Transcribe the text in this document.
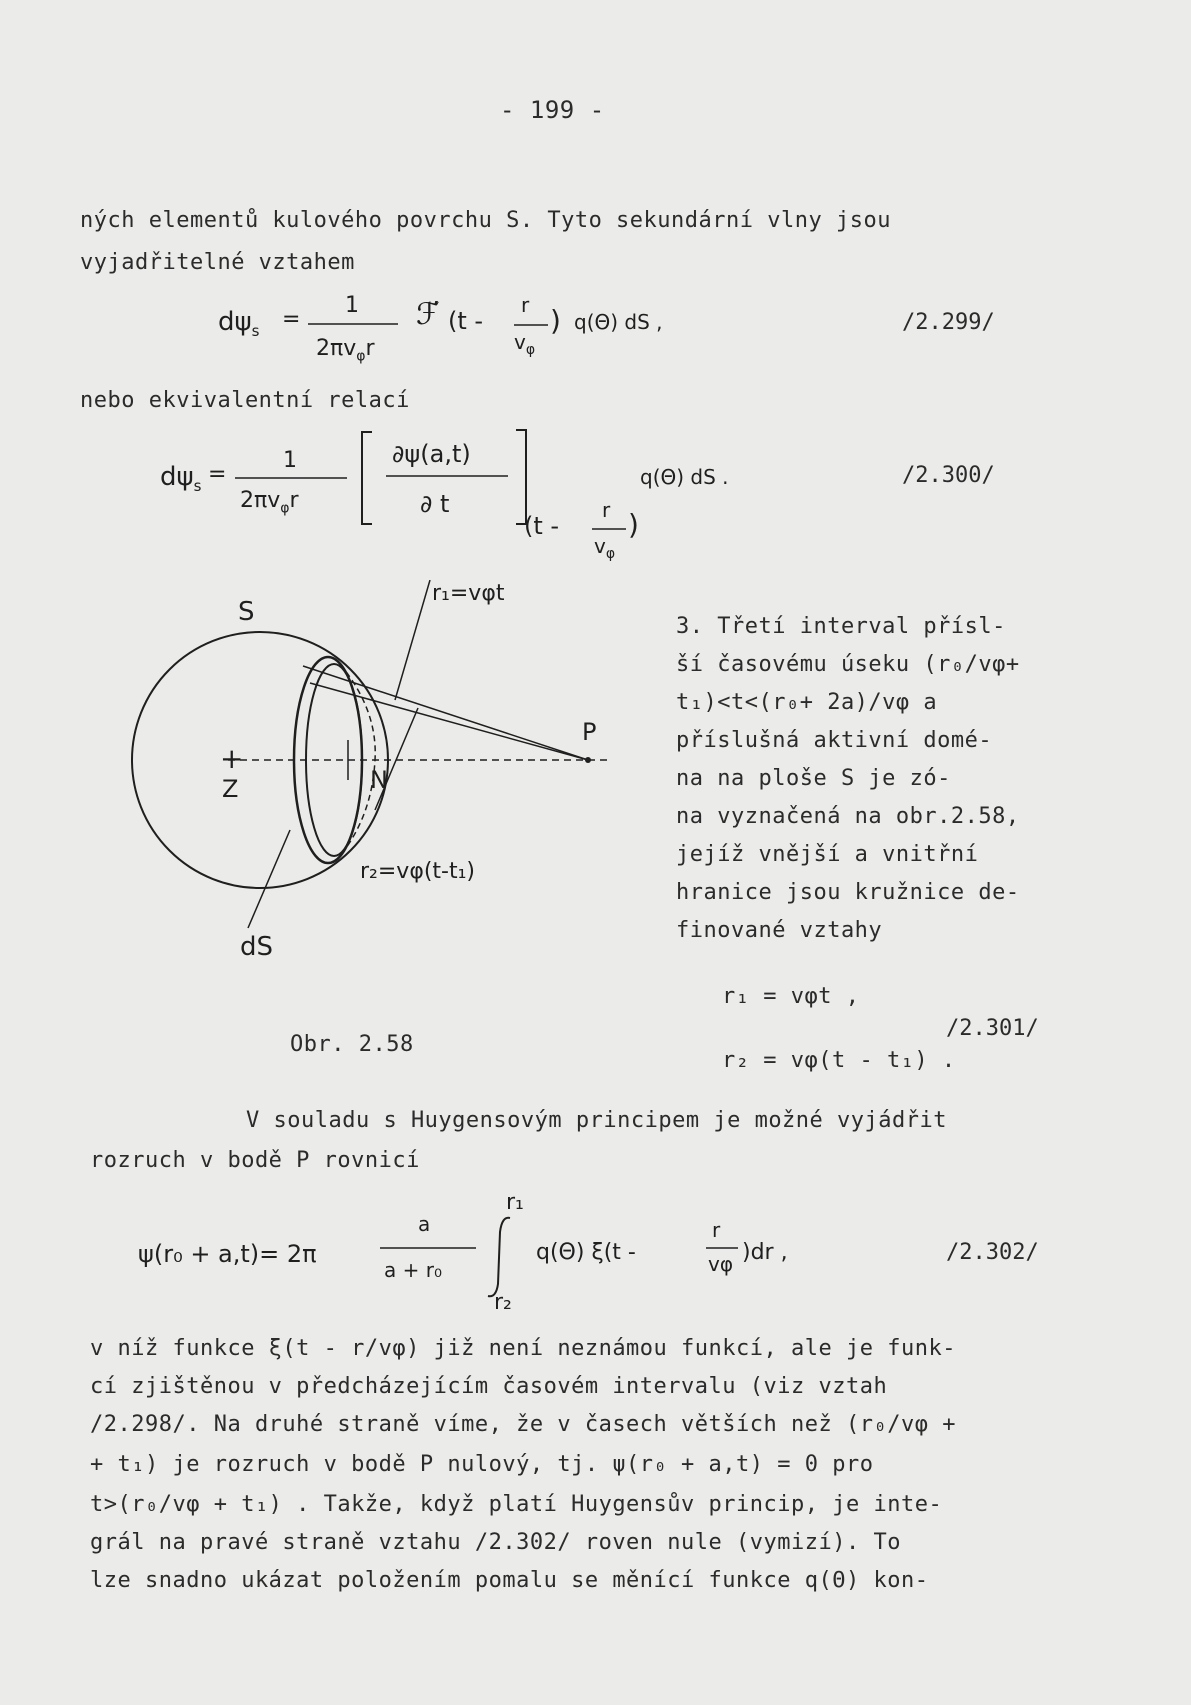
- 199 -
ných elementů kulového povrchu S. Tyto sekundární vlny jsou
vyjadřitelné vztahem
$d\psi_s$ =
1
$2\pi v_\varphi r$
ℱ̇ (t -
r
$v_\varphi$
) q(Θ) dS ,	/2.299/
nebo ekvivalentní relací
$d\psi_s$ =
1
$2\pi v_\varphi r$
∂ψ(a,t)
∂ t
(t -
r
$v_\varphi$
)
q(Θ) dS .	/2.300/
S
r₁=vφt
P
+
Z	N
r₂=vφ(t-t₁)
dS
Obr. 2.58
3. Třetí interval přísl-
ší časovému úseku (r₀/vφ+
t₁)<t<(r₀+ 2a)/vφ a
příslušná aktivní domé-
na na ploše S je zó-
na vyznačená na obr.2.58,
jejíž vnější a vnitřní
hranice jsou kružnice de-
finované vztahy
r₁ = vφt ,
/2.301/
r₂ = vφ(t - t₁) .
V souladu s Huygensovým principem je možné vyjádřit
rozruch v bodě P rovnicí
ψ(r₀ + a,t)= 2π
a
a + r₀
r₁
r₂
q(Θ) ξ(t -
r
vφ )dr ,	/2.302/
v níž funkce ξ(t - r/vφ) již není neznámou funkcí, ale je funk-
cí zjištěnou v předcházejícím časovém intervalu (viz vztah
/2.298/. Na druhé straně víme, že v časech větších než (r₀/vφ +
+ t₁) je rozruch v bodě P nulový, tj. ψ(r₀ + a,t) = 0 pro
t>(r₀/vφ + t₁) . Takže, když platí Huygensův princip, je inte-
grál na pravé straně vztahu /2.302/ roven nule (vymizí). To
lze snadno ukázat položením pomalu se měnící funkce q(Θ) kon-
